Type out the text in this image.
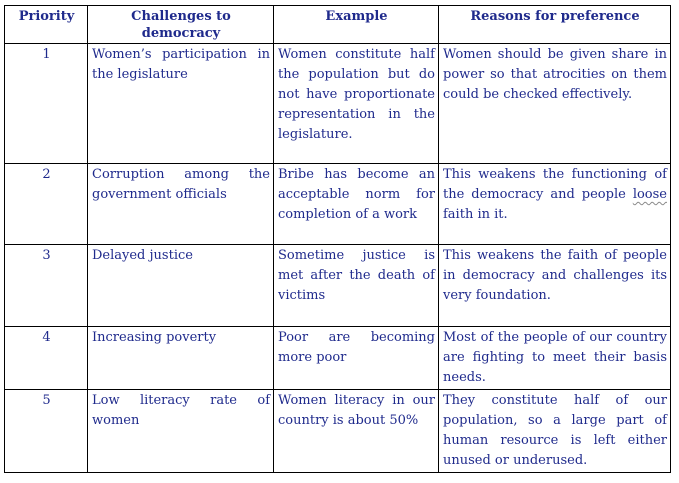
Priority	Challenges to democracy	Example	Reasons for preference
1	Women’s participation in the legislature	Women constitute half the population but do not have proportionate representation in the legislature.	Women should be given share in power so that atrocities on them could be checked effectively.
2	Corruption among the government officials	Bribe has become an acceptable norm for completion of a work	This weakens the functioning of the democracy and people loose faith in it.
3	Delayed justice	Sometime justice is met after the death of victims	This weakens the faith of people in democracy and challenges its very foundation.
4	Increasing poverty	Poor are becoming more poor	Most of the people of our country are fighting to meet their basis needs.
5	Low literacy rate of women	Women literacy in our country is about 50%	They constitute half of our population, so a large part of human resource is left either unused or underused.
